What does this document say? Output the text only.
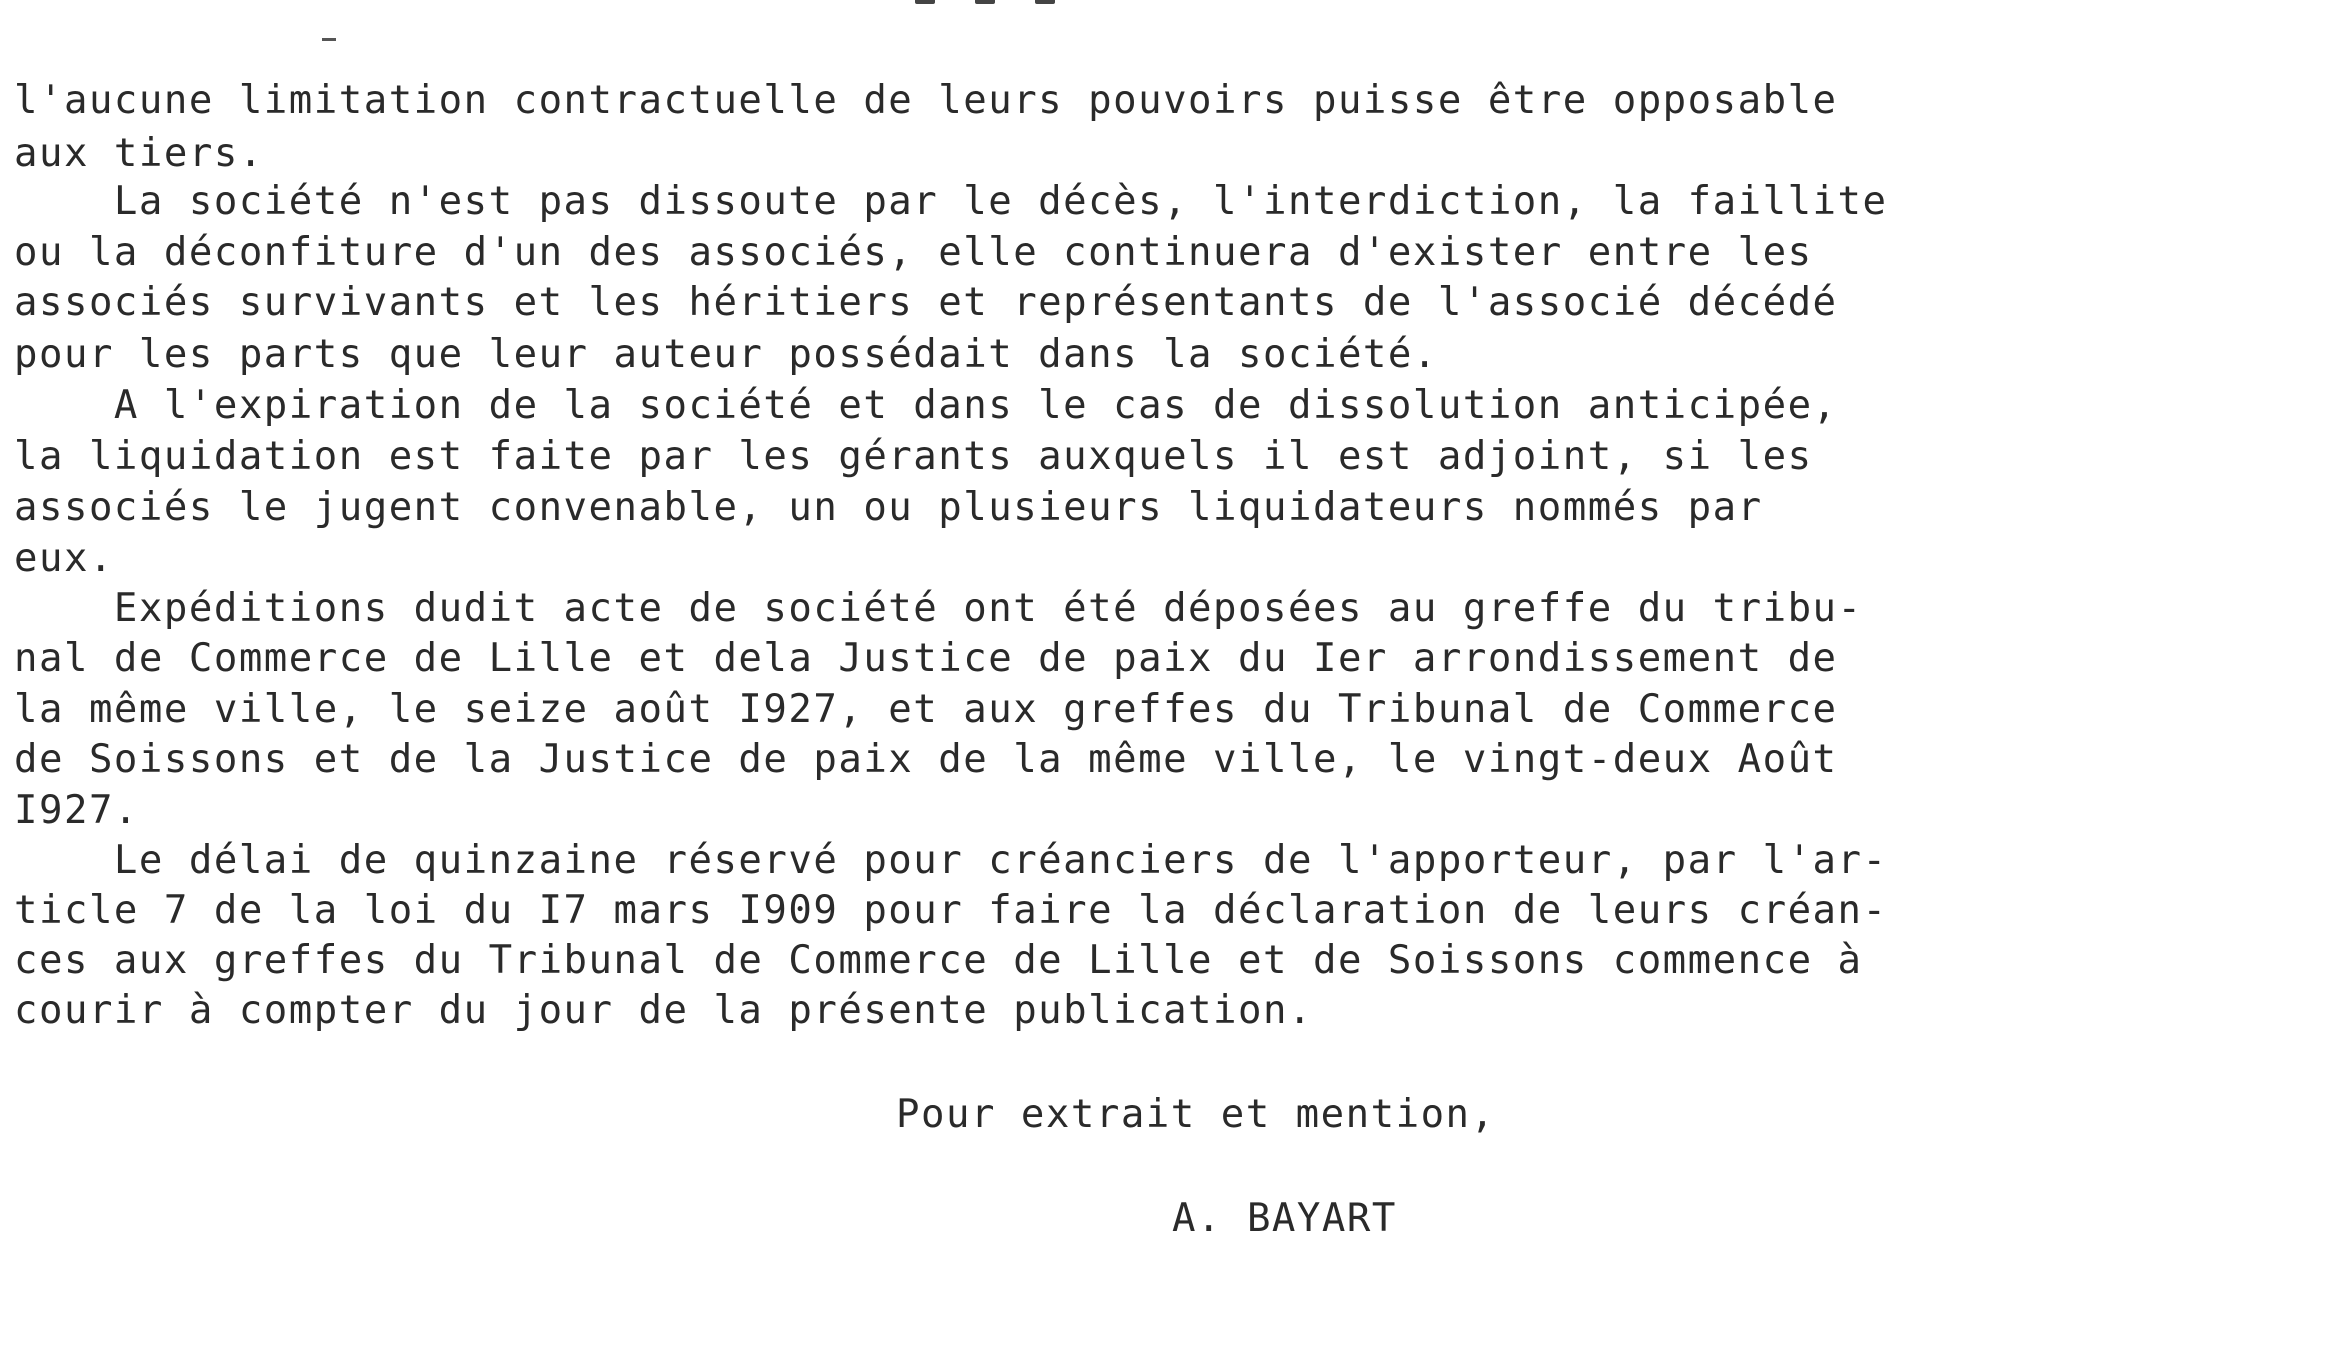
l'aucune limitation contractuelle de leurs pouvoirs puisse être opposable
aux tiers.
La société n'est pas dissoute par le décès, l'interdiction, la faillite
ou la déconfiture d'un des associés, elle continuera d'exister entre les
associés survivants et les héritiers et représentants de l'associé décédé
pour les parts que leur auteur possédait dans la société.
A l'expiration de la société et dans le cas de dissolution anticipée,
la liquidation est faite par les gérants auxquels il est adjoint, si les
associés le jugent convenable, un ou plusieurs liquidateurs nommés par
eux.
Expéditions dudit acte de société ont été déposées au greffe du tribu-
nal de Commerce de Lille et dela Justice de paix du Ier arrondissement de
la même ville, le seize août I927, et aux greffes du Tribunal de Commerce
de Soissons et de la Justice de paix de la même ville, le vingt-deux Août
I927.
Le délai de quinzaine réservé pour créanciers de l'apporteur, par l'ar-
ticle 7 de la loi du I7 mars I909 pour faire la déclaration de leurs créan-
ces aux greffes du Tribunal de Commerce de Lille et de Soissons commence à
courir à compter du jour de la présente publication.
Pour extrait et mention,
A. BAYART
